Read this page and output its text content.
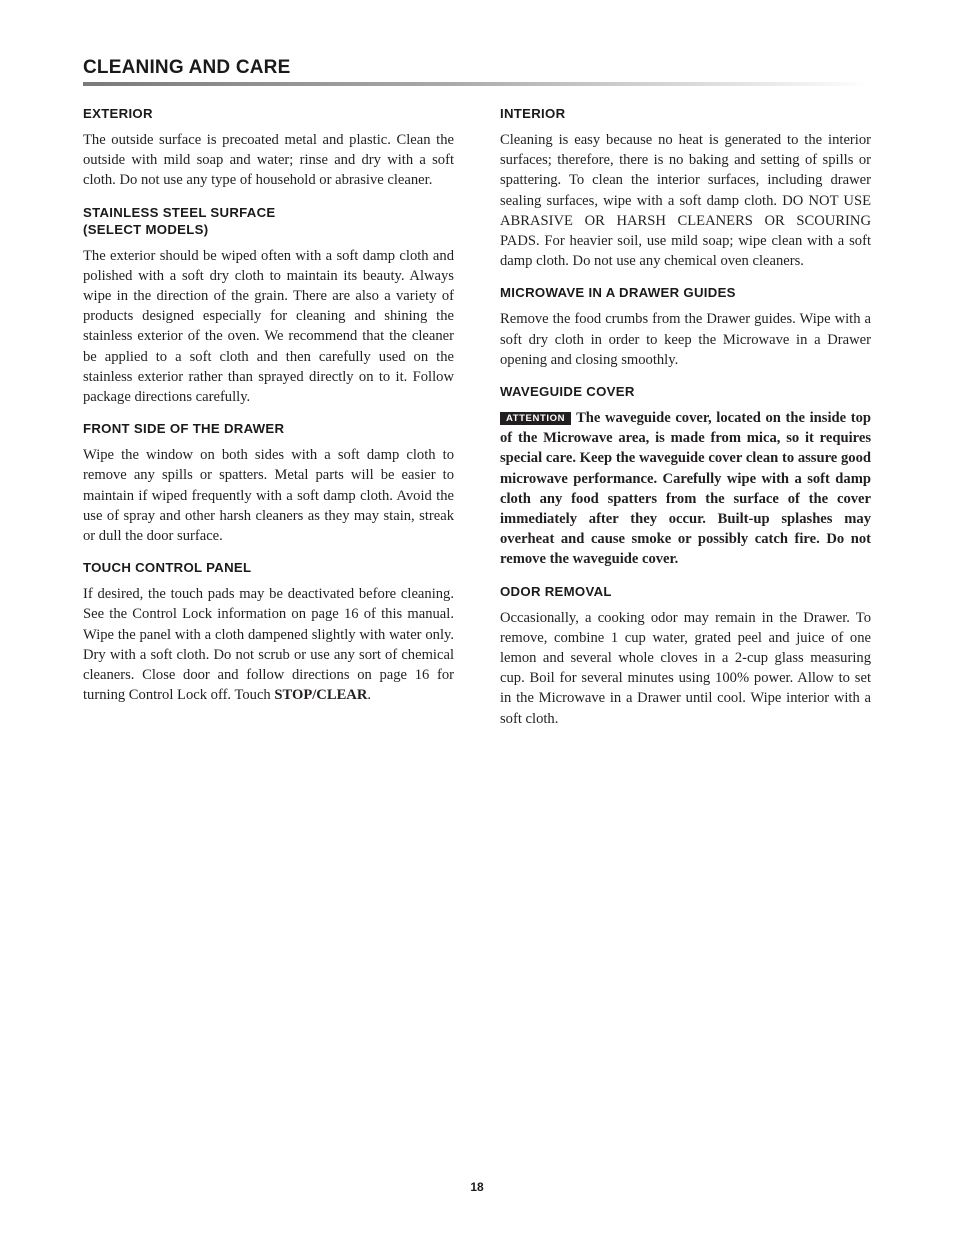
CLEANING AND CARE
EXTERIOR

The outside surface is precoated metal and plastic. Clean the outside with mild soap and water; rinse and dry with a soft cloth. Do not use any type of household or abrasive cleaner.

STAINLESS STEEL SURFACE
(SELECT MODELS)

The exterior should be wiped often with a soft damp cloth and polished with a soft dry cloth to maintain its beauty. Always wipe in the direction of the grain. There are also a variety of products designed especially for cleaning and shining the stainless exterior of the oven. We recommend that the cleaner be applied to a soft cloth and then carefully used on the stainless exterior rather than sprayed directly on to it. Follow package directions carefully.

FRONT SIDE OF THE DRAWER

Wipe the window on both sides with a soft damp cloth to remove any spills or spatters. Metal parts will be easier to maintain if wiped frequently with a soft damp cloth. Avoid the use of spray and other harsh cleaners as they may stain, streak or dull the door surface.

TOUCH CONTROL PANEL

If desired, the touch pads may be deactivated before cleaning. See the Control Lock information on page 16 of this manual. Wipe the panel with a cloth dampened slightly with water only. Dry with a soft cloth. Do not scrub or use any sort of chemical cleaners. Close door and follow directions on page 16 for turning Control Lock off. Touch STOP/CLEAR.

INTERIOR

Cleaning is easy because no heat is generated to the interior surfaces; therefore, there is no baking and setting of spills or spattering. To clean the interior surfaces, including drawer sealing surfaces, wipe with a soft damp cloth. DO NOT USE ABRASIVE OR HARSH CLEANERS OR SCOURING PADS. For heavier soil, use mild soap; wipe clean with a soft damp cloth. Do not use any chemical oven cleaners.

MICROWAVE IN A DRAWER GUIDES

Remove the food crumbs from the Drawer guides. Wipe with a soft dry cloth in order to keep the Microwave in a Drawer opening and closing smoothly.

WAVEGUIDE COVER

ATTENTION The waveguide cover, located on the inside top of the Microwave area, is made from mica, so it requires special care. Keep the waveguide cover clean to assure good microwave performance. Carefully wipe with a soft damp cloth any food spatters from the surface of the cover immediately after they occur. Built-up splashes may overheat and cause smoke or possibly catch fire. Do not remove the waveguide cover.

ODOR REMOVAL

Occasionally, a cooking odor may remain in the Drawer. To remove, combine 1 cup water, grated peel and juice of one lemon and several whole cloves in a 2-cup glass measuring cup. Boil for several minutes using 100% power. Allow to set in the Microwave in a Drawer until cool. Wipe interior with a soft cloth.

18
